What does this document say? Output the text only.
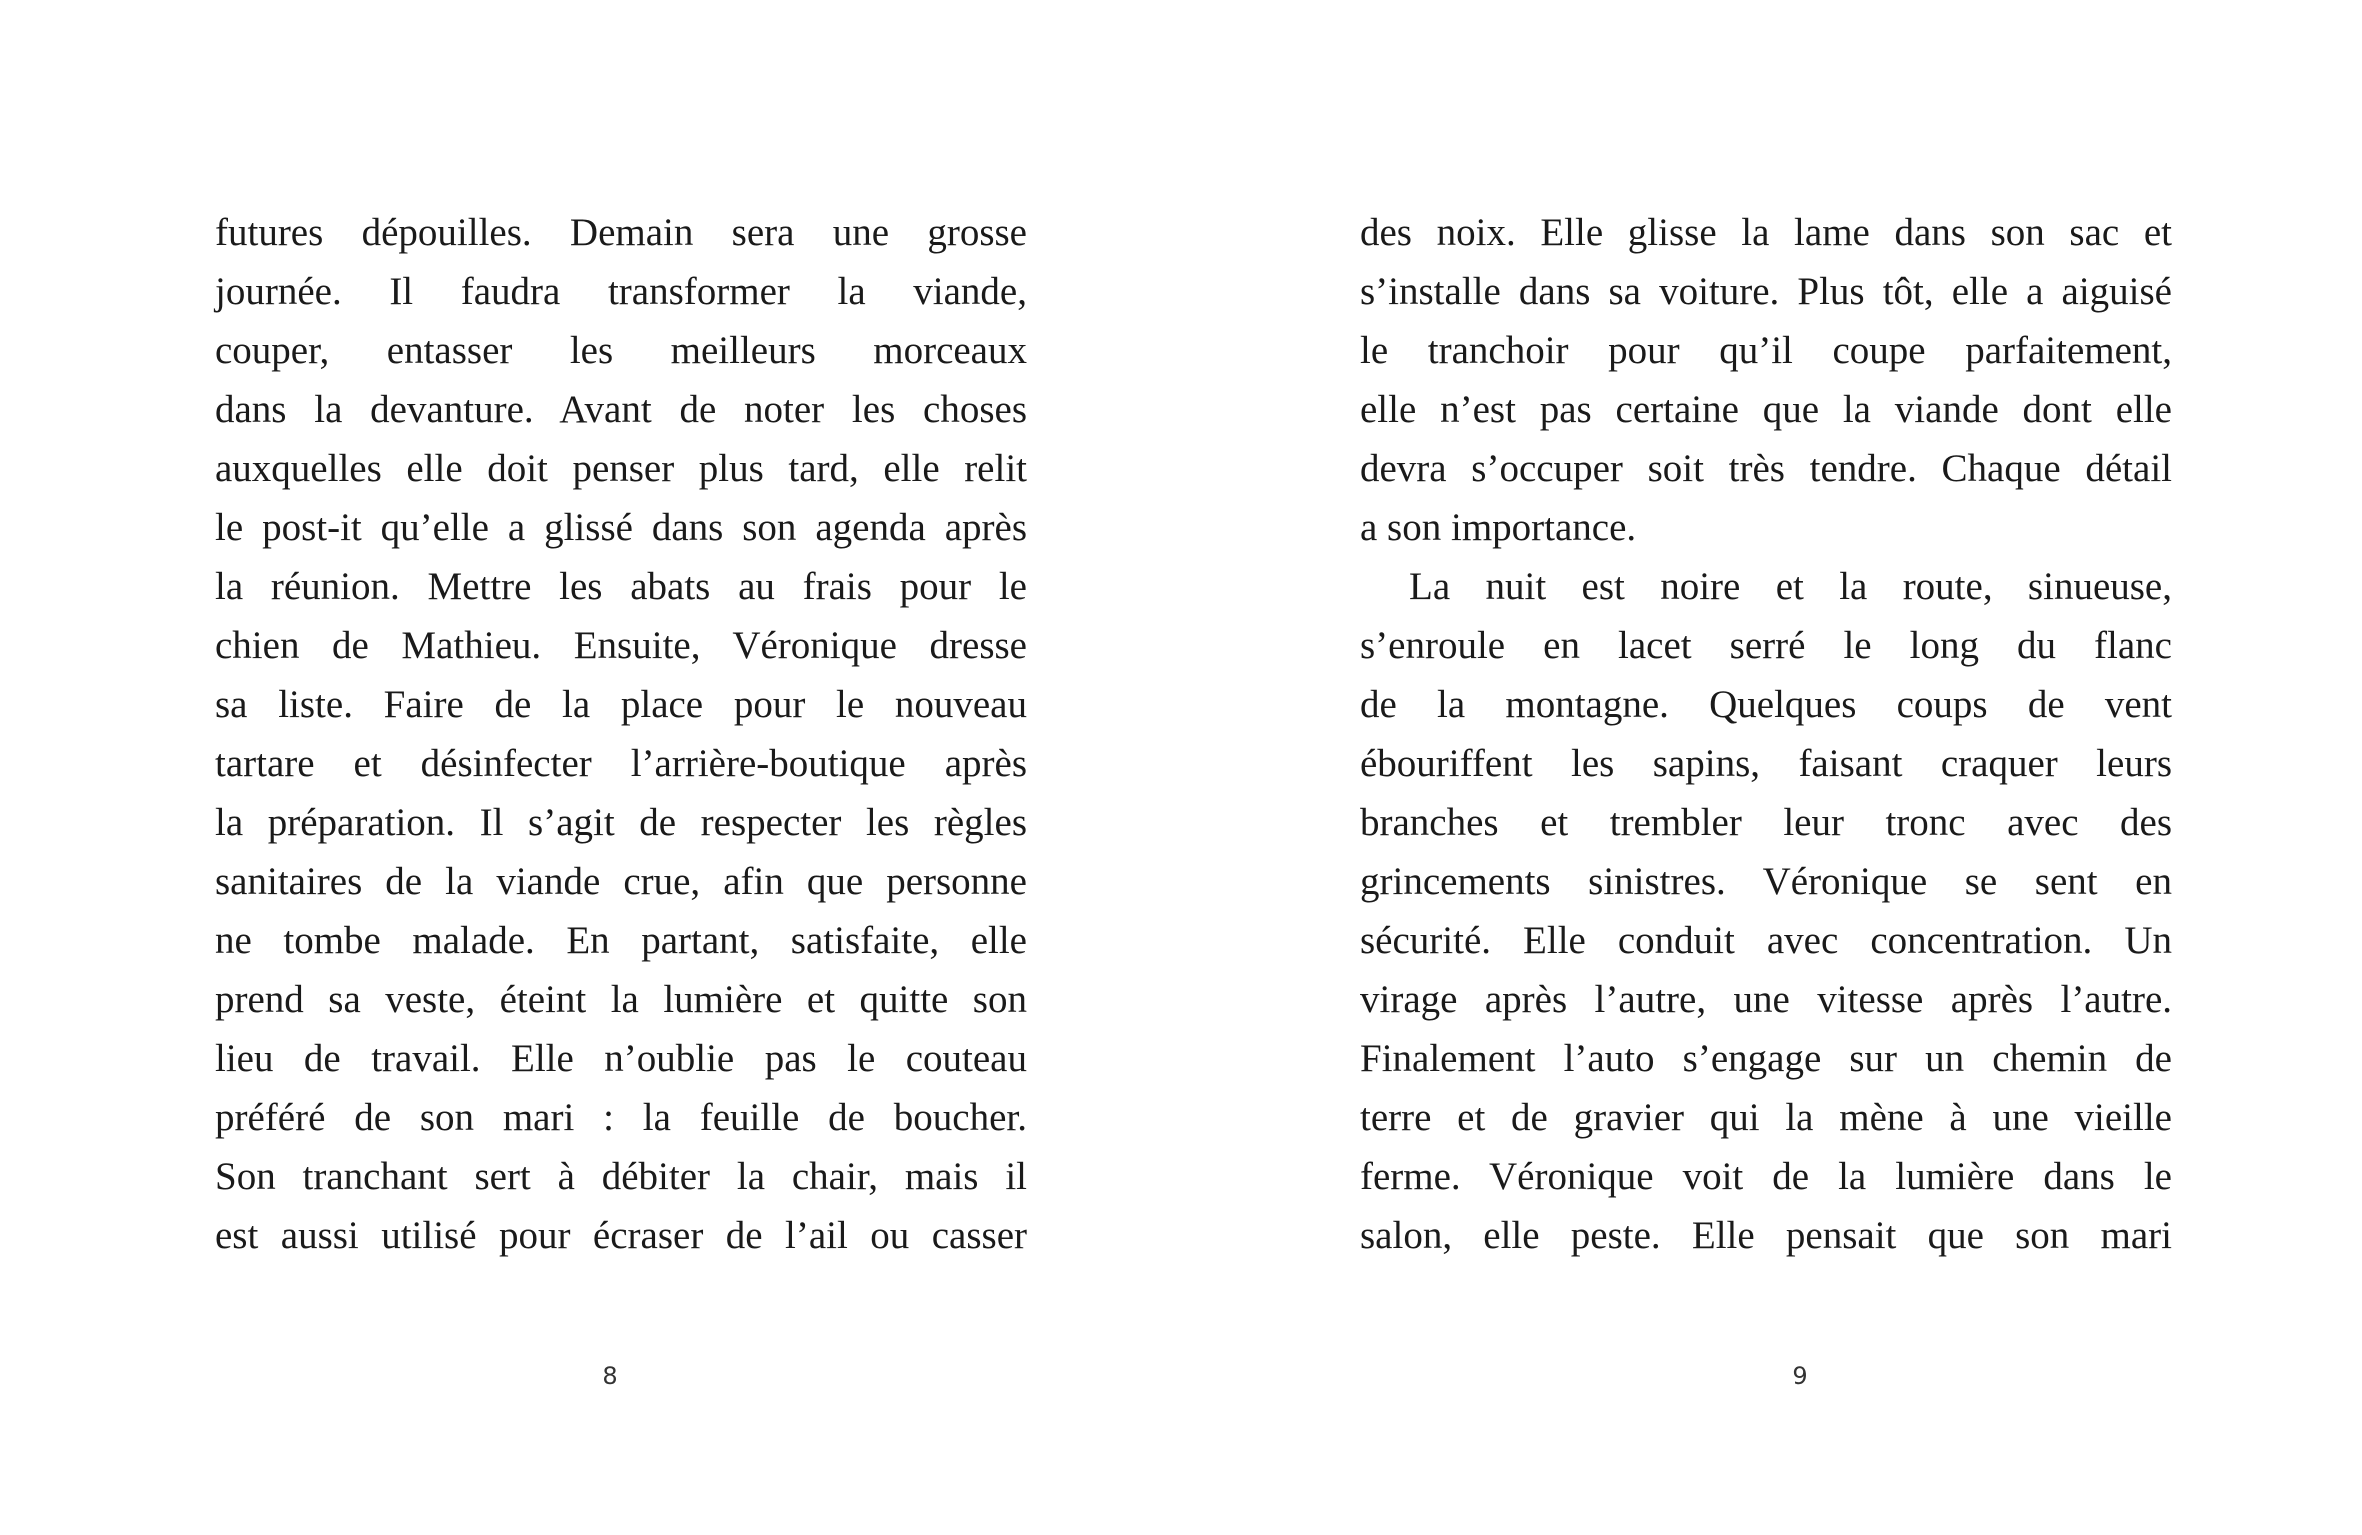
futures dépouilles. Demain sera une grosse
journée. Il faudra transformer la viande,
couper, entasser les meilleurs morceaux
dans la devanture. Avant de noter les choses
auxquelles elle doit penser plus tard, elle relit
le post-it qu’elle a glissé dans son agenda après
la réunion. Mettre les abats au frais pour le
chien de Mathieu. Ensuite, Véronique dresse
sa liste. Faire de la place pour le nouveau
tartare et désinfecter l’arrière-boutique après
la préparation. Il s’agit de respecter les règles
sanitaires de la viande crue, afin que personne
ne tombe malade. En partant, satisfaite, elle
prend sa veste, éteint la lumière et quitte son
lieu de travail. Elle n’oublie pas le couteau
préféré de son mari : la feuille de boucher.
Son tranchant sert à débiter la chair, mais il
est aussi utilisé pour écraser de l’ail ou casser
8
des noix. Elle glisse la lame dans son sac et
s’installe dans sa voiture. Plus tôt, elle a aiguisé
le tranchoir pour qu’il coupe parfaitement,
elle n’est pas certaine que la viande dont elle
devra s’occuper soit très tendre. Chaque détail
a son importance.
La nuit est noire et la route, sinueuse,
s’enroule en lacet serré le long du flanc
de la montagne. Quelques coups de vent
ébouriffent les sapins, faisant craquer leurs
branches et trembler leur tronc avec des
grincements sinistres. Véronique se sent en
sécurité. Elle conduit avec concentration. Un
virage après l’autre, une vitesse après l’autre.
Finalement l’auto s’engage sur un chemin de
terre et de gravier qui la mène à une vieille
ferme. Véronique voit de la lumière dans le
salon, elle peste. Elle pensait que son mari
9
